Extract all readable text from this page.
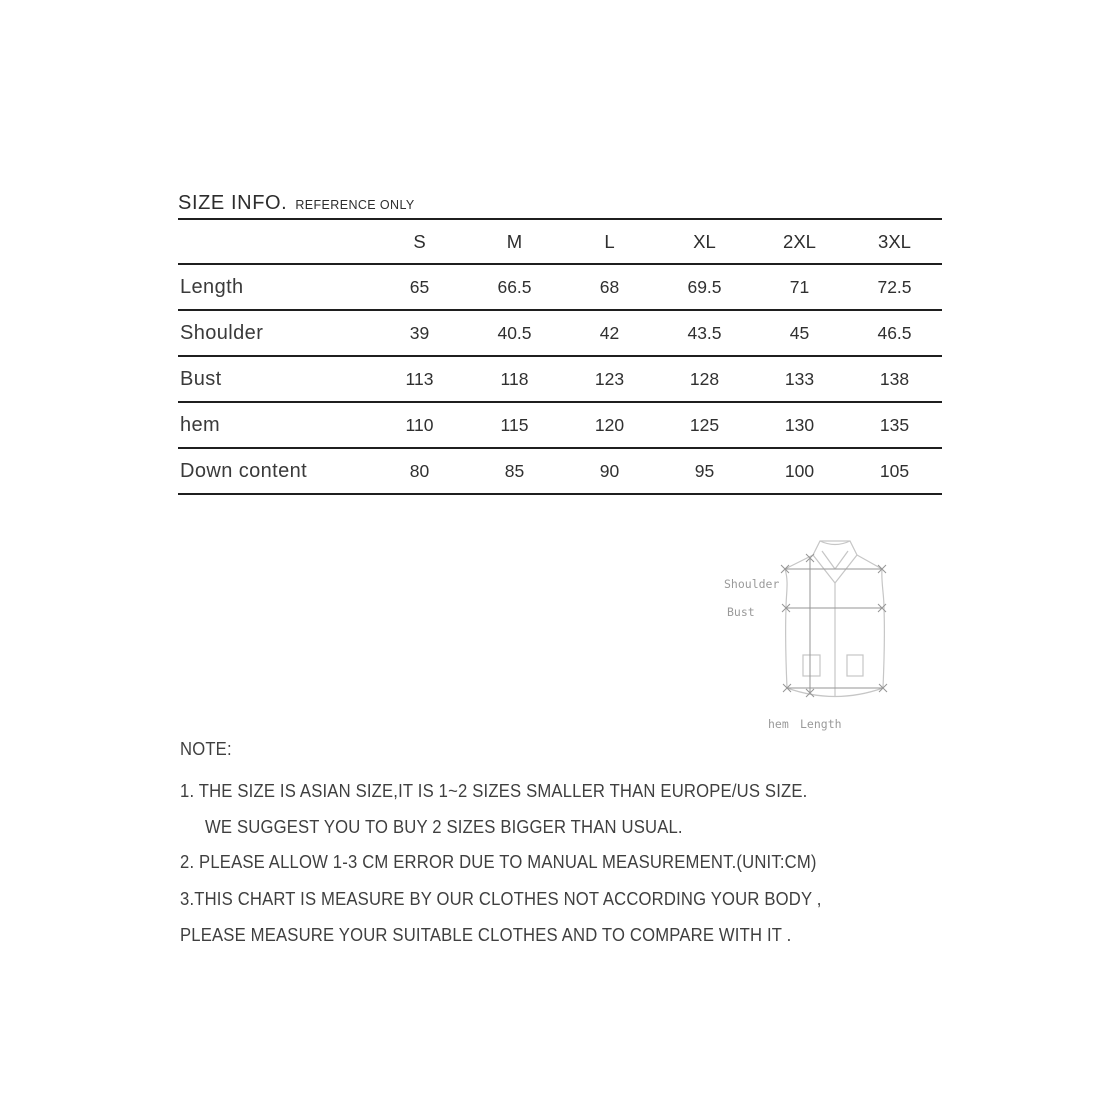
SIZE INFO. REFERENCE ONLY
	S	M	L	XL	2XL	3XL
Length	65	66.5	68	69.5	71	72.5
Shoulder	39	40.5	42	43.5	45	46.5
Bust	113	118	123	128	133	138
hem	110	115	120	125	130	135
Down content	80	85	90	95	100	105
Shoulder
Bust
hem Length
NOTE:
1. THE SIZE IS ASIAN SIZE,IT IS 1~2 SIZES SMALLER THAN EUROPE/US SIZE.
WE SUGGEST YOU TO BUY 2 SIZES BIGGER THAN USUAL.
2. PLEASE ALLOW 1-3 CM ERROR DUE TO MANUAL MEASUREMENT.(UNIT:CM)
3.THIS CHART IS MEASURE BY OUR CLOTHES NOT ACCORDING YOUR BODY ,
PLEASE MEASURE YOUR SUITABLE CLOTHES AND TO COMPARE WITH IT .
